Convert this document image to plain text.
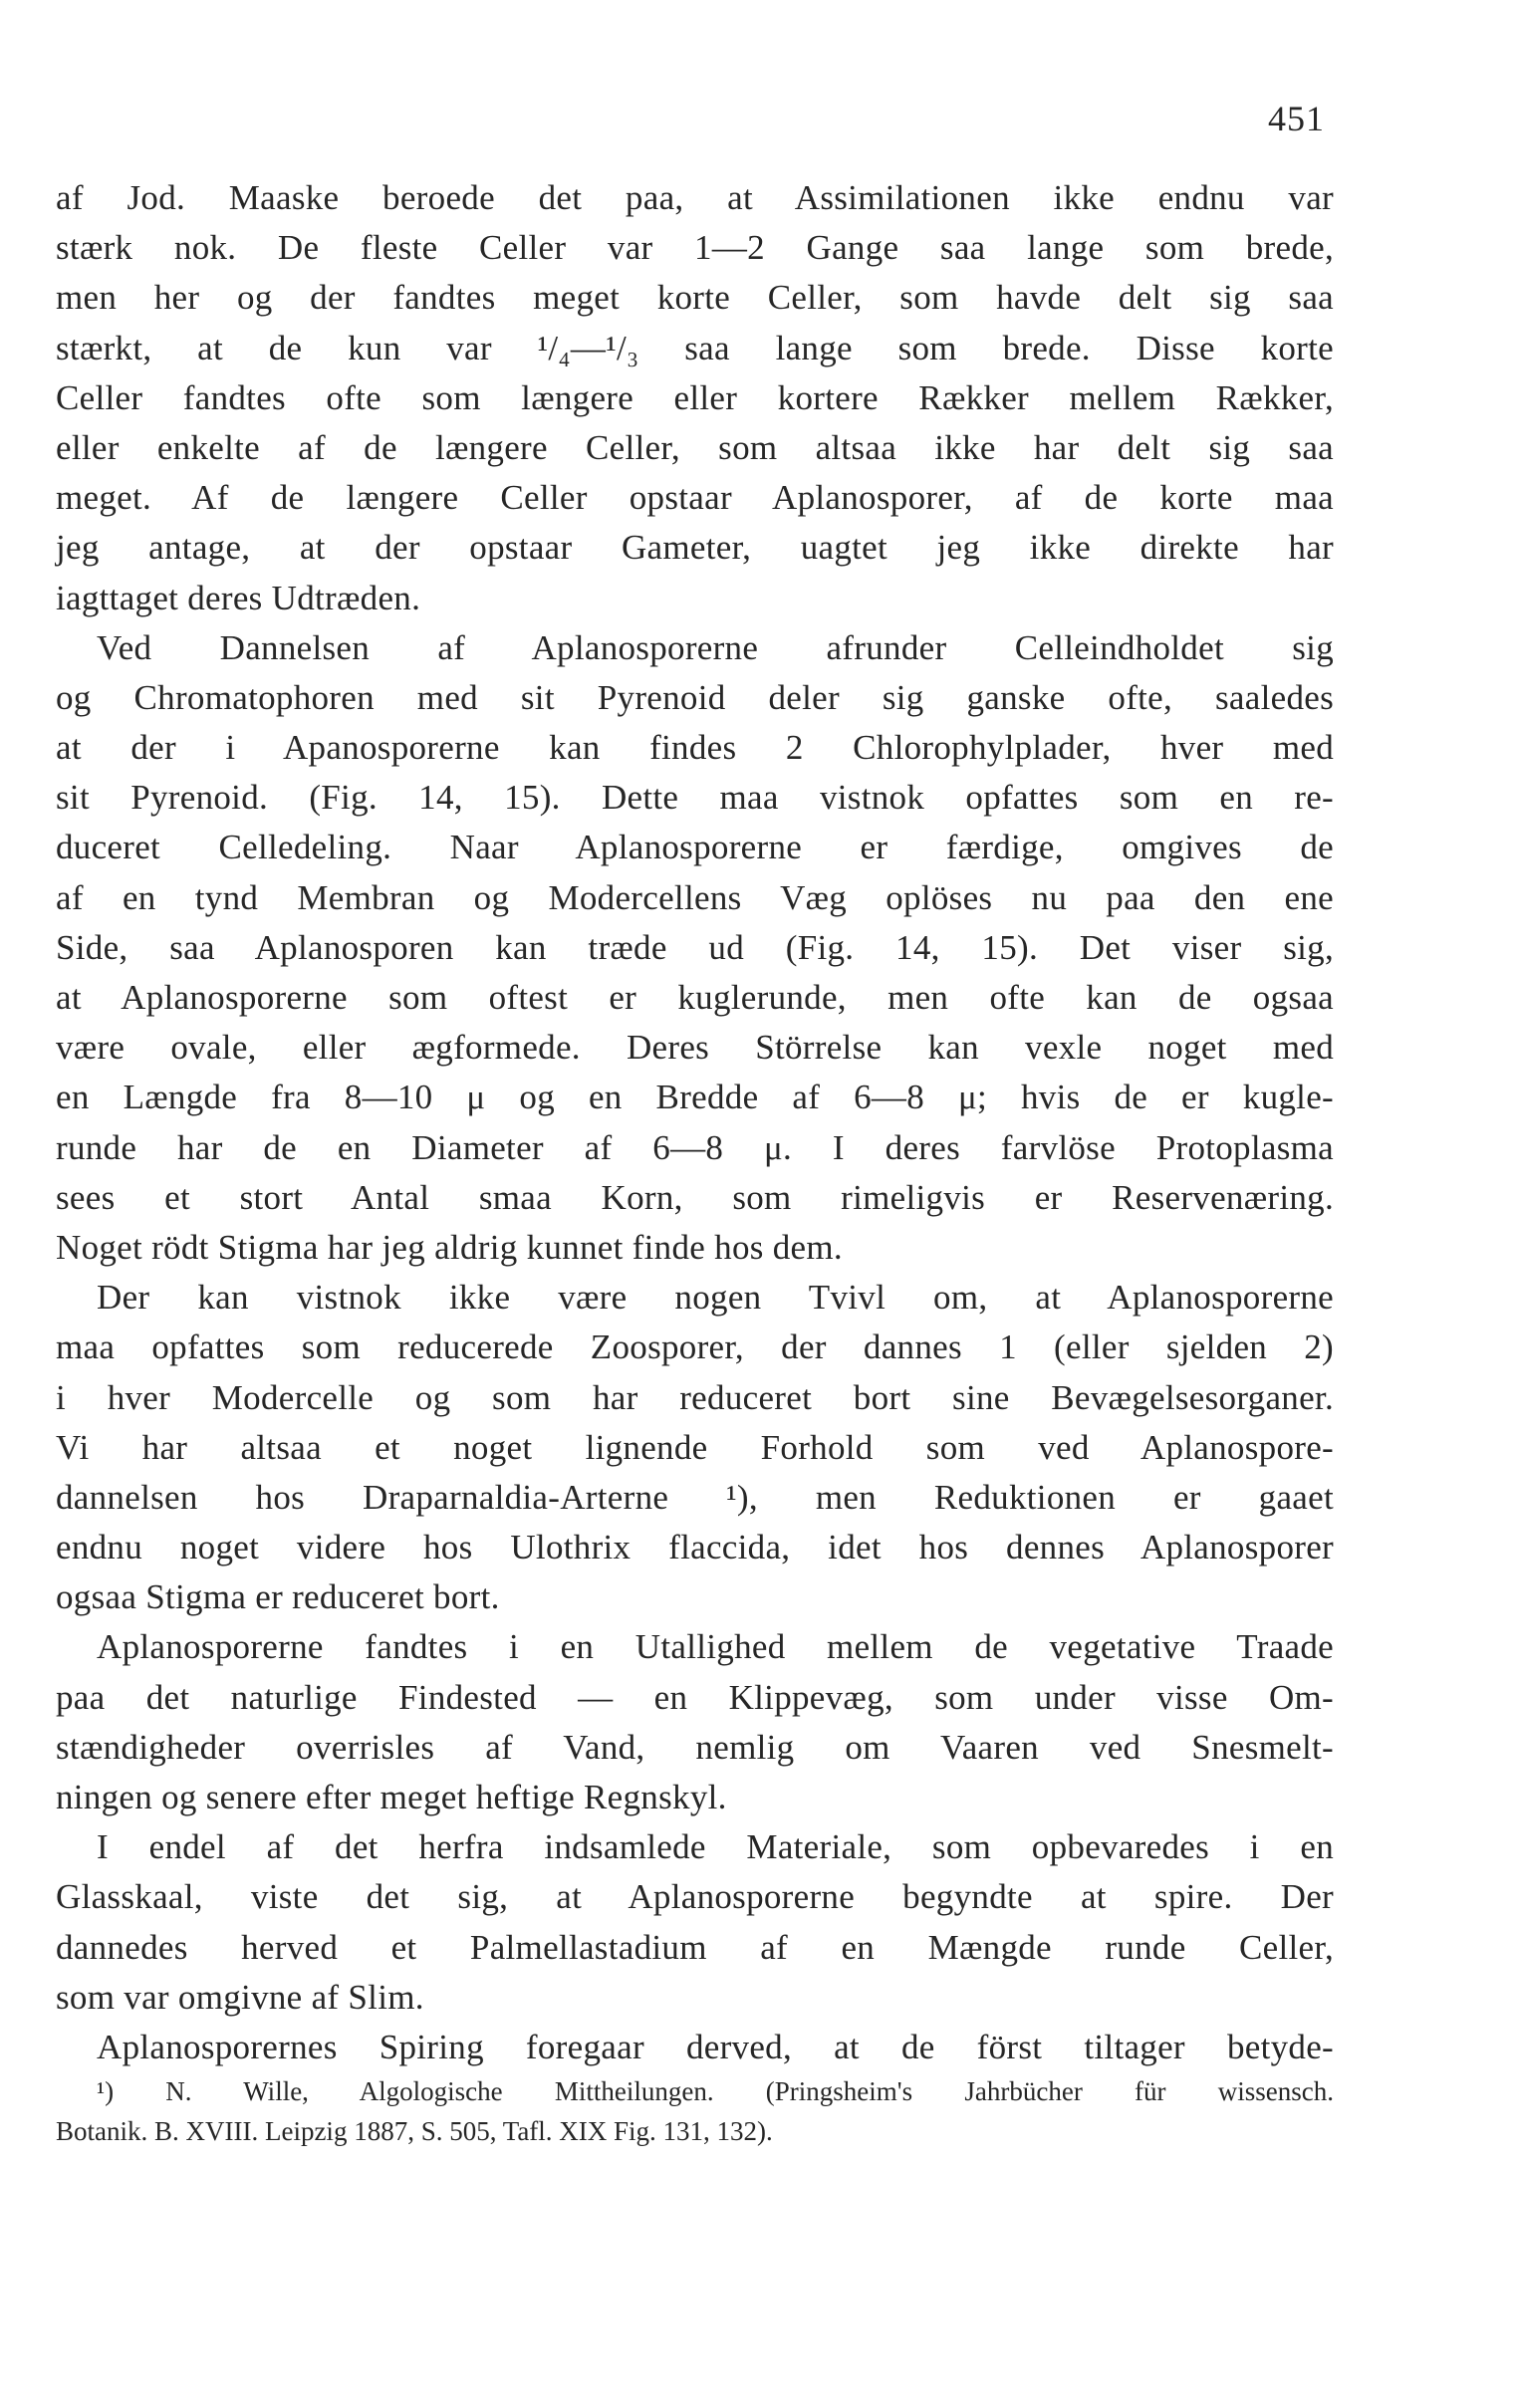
451
af Jod. Maaske beroede det paa, at Assimilationen ikke endnu var
stærk nok. De fleste Celler var 1—2 Gange saa lange som brede,
men her og der fandtes meget korte Celler, som havde delt sig saa
stærkt, at de kun var ¹/₄—¹/₃ saa lange som brede. Disse korte
Celler fandtes ofte som længere eller kortere Rækker mellem Rækker,
eller enkelte af de længere Celler, som altsaa ikke har delt sig saa
meget. Af de længere Celler opstaar Aplanosporer, af de korte maa
jeg antage, at der opstaar Gameter, uagtet jeg ikke direkte har
iagttaget deres Udtræden.
Ved Dannelsen af Aplanosporerne afrunder Celleindholdet sig
og Chromatophoren med sit Pyrenoid deler sig ganske ofte, saaledes
at der i Apanosporerne kan findes 2 Chlorophylplader, hver med
sit Pyrenoid. (Fig. 14, 15). Dette maa vistnok opfattes som en re-
duceret Celledeling. Naar Aplanosporerne er færdige, omgives de
af en tynd Membran og Modercellens Væg oplöses nu paa den ene
Side, saa Aplanosporen kan træde ud (Fig. 14, 15). Det viser sig,
at Aplanosporerne som oftest er kuglerunde, men ofte kan de ogsaa
være ovale, eller ægformede. Deres Störrelse kan vexle noget med
en Længde fra 8—10 μ og en Bredde af 6—8 μ; hvis de er kugle-
runde har de en Diameter af 6—8 μ. I deres farvlöse Protoplasma
sees et stort Antal smaa Korn, som rimeligvis er Reservenæring.
Noget rödt Stigma har jeg aldrig kunnet finde hos dem.
Der kan vistnok ikke være nogen Tvivl om, at Aplanosporerne
maa opfattes som reducerede Zoosporer, der dannes 1 (eller sjelden 2)
i hver Modercelle og som har reduceret bort sine Bevægelsesorganer.
Vi har altsaa et noget lignende Forhold som ved Aplanospore-
dannelsen hos Draparnaldia-Arterne ¹), men Reduktionen er gaaet
endnu noget videre hos Ulothrix flaccida, idet hos dennes Aplanosporer
ogsaa Stigma er reduceret bort.
Aplanosporerne fandtes i en Utallighed mellem de vegetative Traade
paa det naturlige Findested — en Klippevæg, som under visse Om-
stændigheder overrisles af Vand, nemlig om Vaaren ved Snesmelt-
ningen og senere efter meget heftige Regnskyl.
I endel af det herfra indsamlede Materiale, som opbevaredes i en
Glasskaal, viste det sig, at Aplanosporerne begyndte at spire. Der
dannedes herved et Palmellastadium af en Mængde runde Celler,
som var omgivne af Slim.
Aplanosporernes Spiring foregaar derved, at de först tiltager betyde-
¹) N. Wille, Algologische Mittheilungen. (Pringsheim's Jahrbücher für wissensch.
Botanik. B. XVIII. Leipzig 1887, S. 505, Tafl. XIX Fig. 131, 132).
